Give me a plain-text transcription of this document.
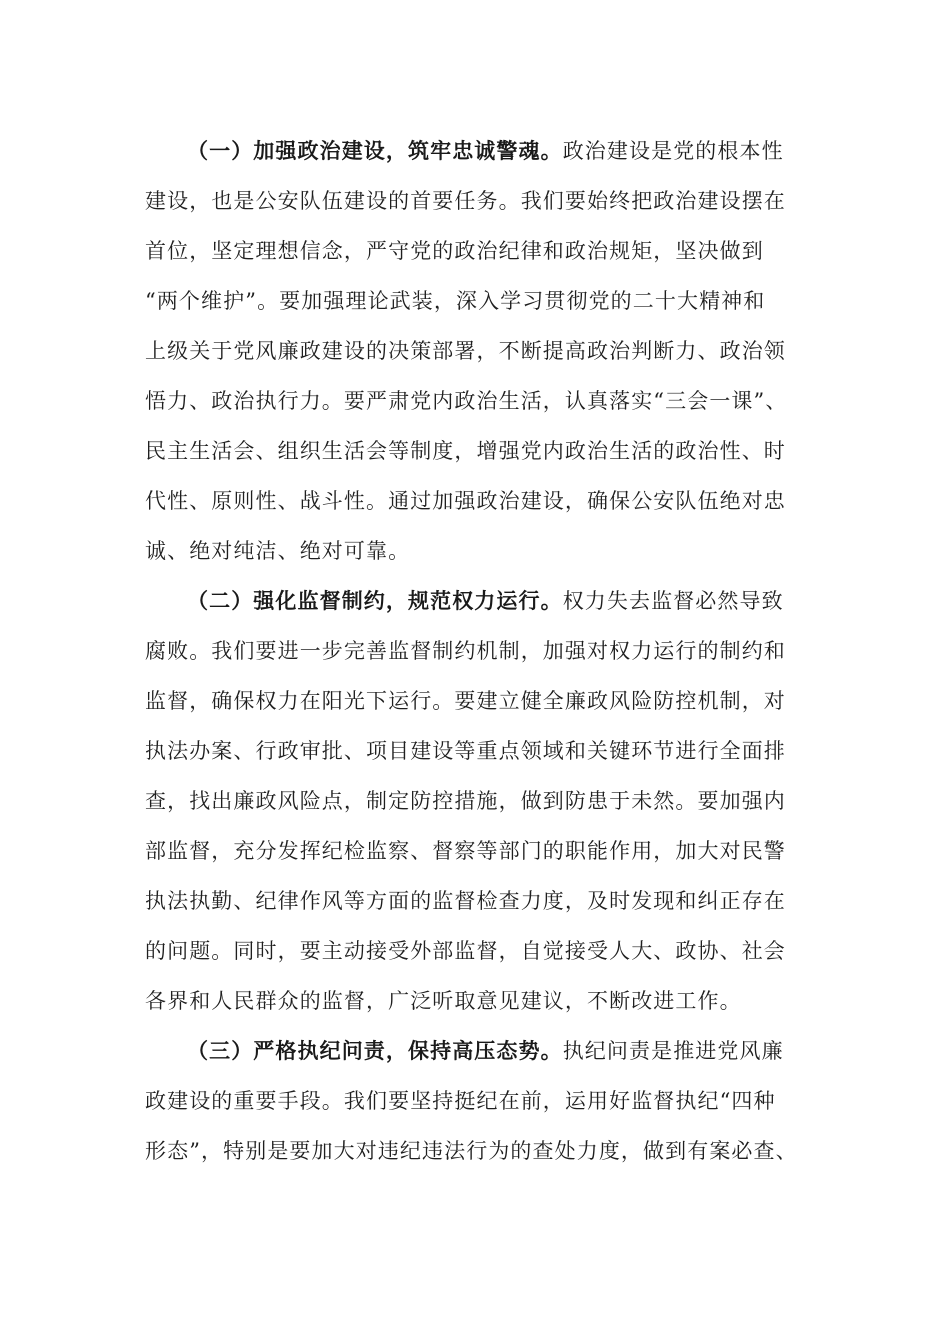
（一）加强政治建设，筑牢忠诚警魂。政治建设是党的根本性
建设，也是公安队伍建设的首要任务。我们要始终把政治建设摆在
首位，坚定理想信念，严守党的政治纪律和政治规矩，坚决做到
“两个维护”。要加强理论武装，深入学习贯彻党的二十大精神和
上级关于党风廉政建设的决策部署，不断提高政治判断力、政治领
悟力、政治执行力。要严肃党内政治生活，认真落实“三会一课”、
民主生活会、组织生活会等制度，增强党内政治生活的政治性、时
代性、原则性、战斗性。通过加强政治建设，确保公安队伍绝对忠
诚、绝对纯洁、绝对可靠。
（二）强化监督制约，规范权力运行。权力失去监督必然导致
腐败。我们要进一步完善监督制约机制，加强对权力运行的制约和
监督，确保权力在阳光下运行。要建立健全廉政风险防控机制，对
执法办案、行政审批、项目建设等重点领域和关键环节进行全面排
查，找出廉政风险点，制定防控措施，做到防患于未然。要加强内
部监督，充分发挥纪检监察、督察等部门的职能作用，加大对民警
执法执勤、纪律作风等方面的监督检查力度，及时发现和纠正存在
的问题。同时，要主动接受外部监督，自觉接受人大、政协、社会
各界和人民群众的监督，广泛听取意见建议，不断改进工作。
（三）严格执纪问责，保持高压态势。执纪问责是推进党风廉
政建设的重要手段。我们要坚持挺纪在前，运用好监督执纪“四种
形态”，特别是要加大对违纪违法行为的查处力度，做到有案必查、
